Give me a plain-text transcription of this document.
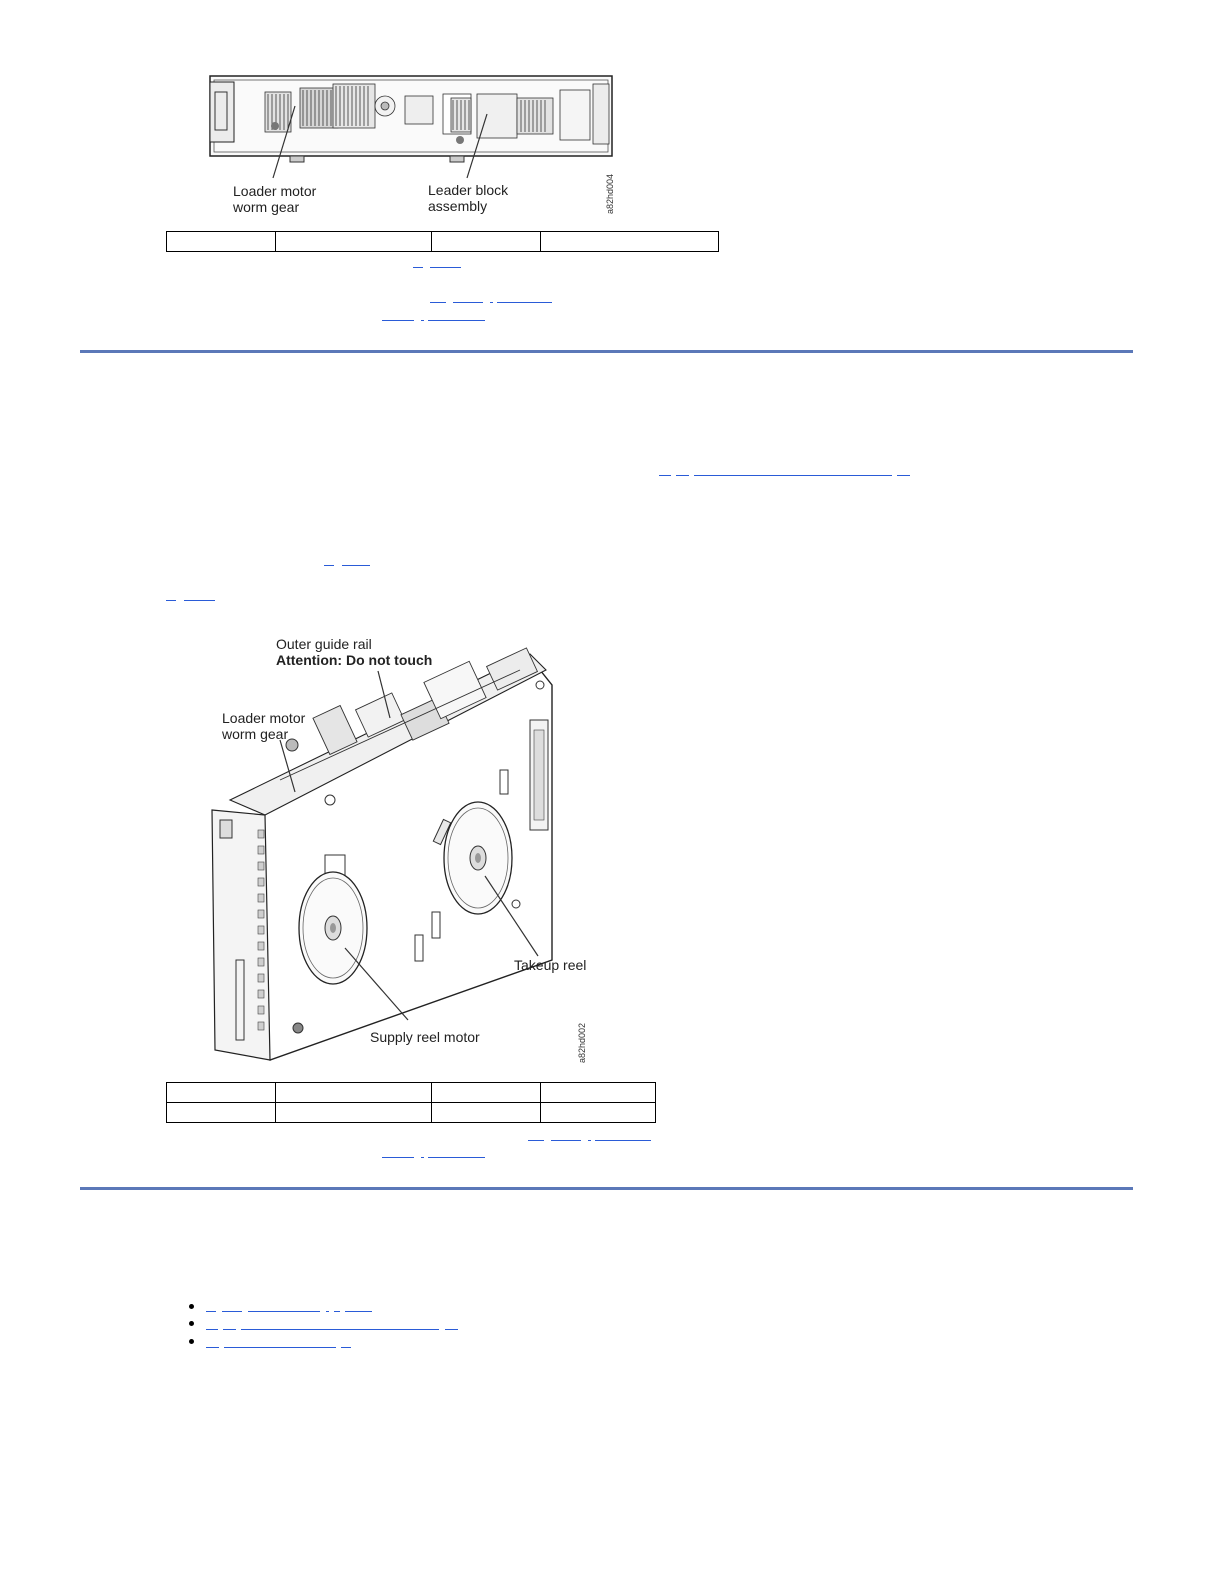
Loader motor
worm gear
Leader block
assembly	a82hd004

Outer guide rail
Attention: Do not touch
Loader motor
worm gear
Takeup reel
Supply reel motor	a82hd002
